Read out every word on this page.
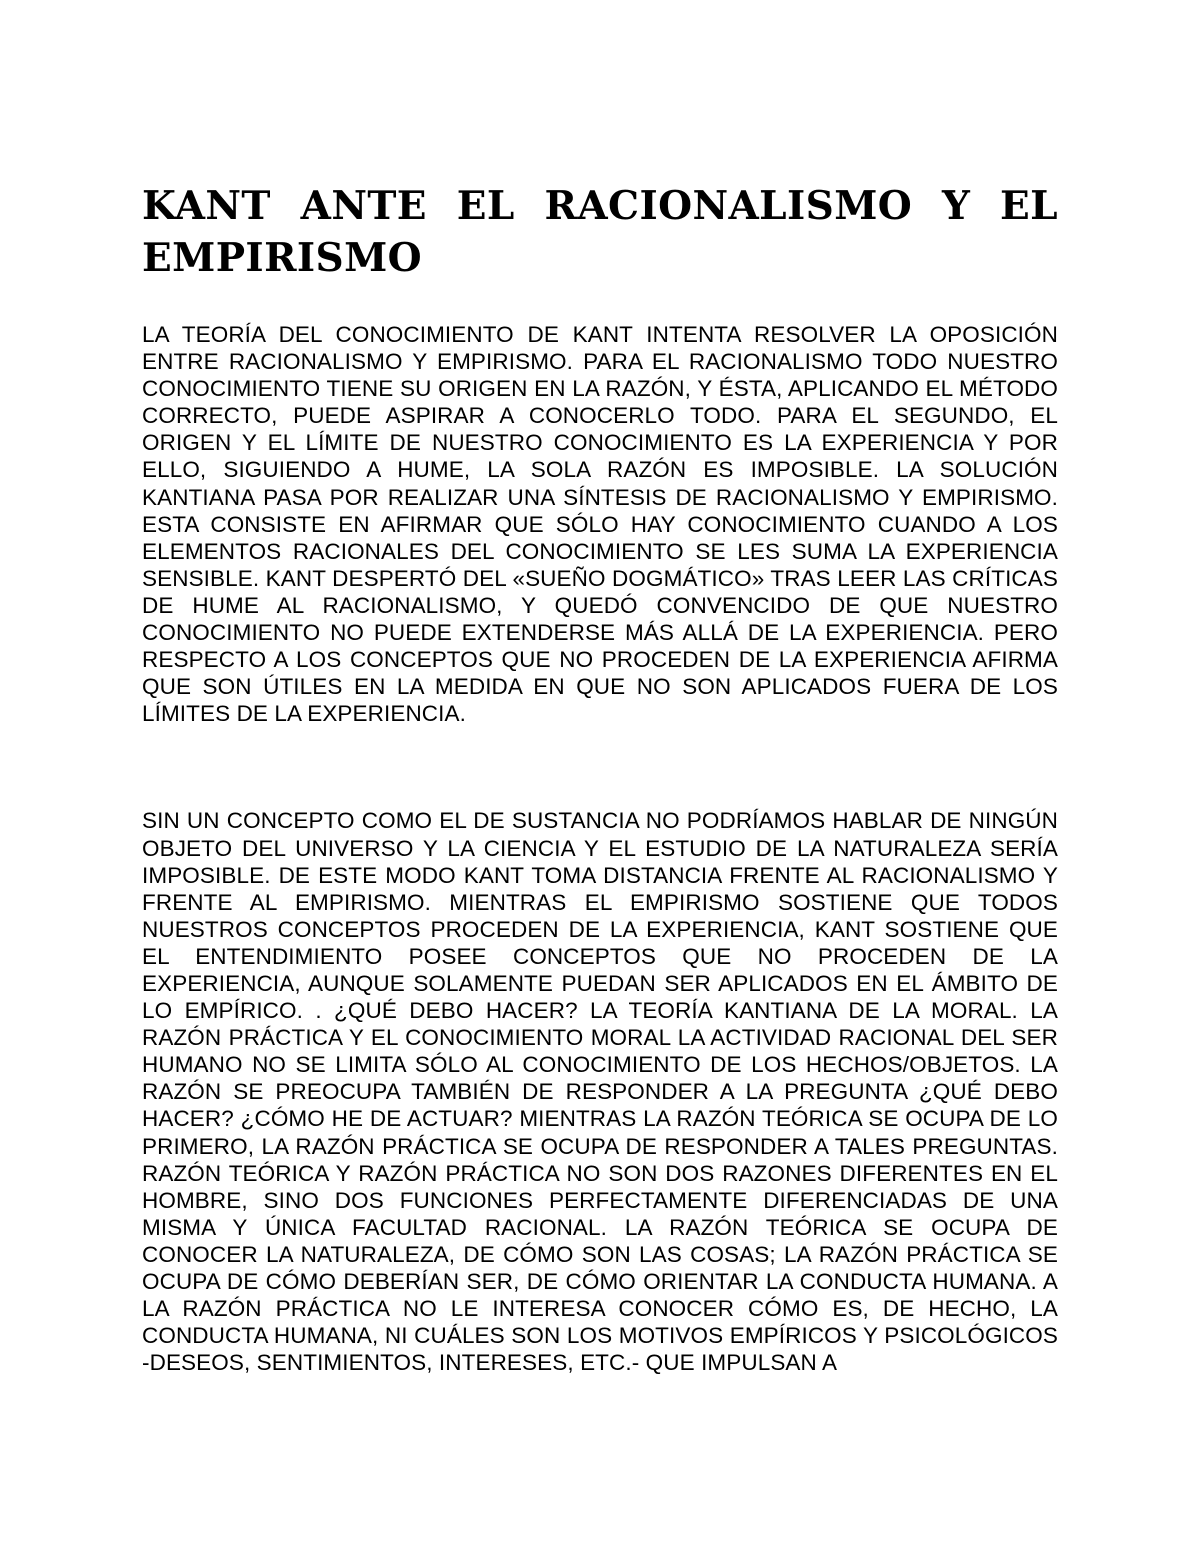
KANT ANTE EL RACIONALISMO Y EL EMPIRISMO

LA TEORÍA DEL CONOCIMIENTO DE KANT INTENTA RESOLVER LA OPOSICIÓN ENTRE RACIONALISMO Y EMPIRISMO. PARA EL RACIONALISMO TODO NUESTRO CONOCIMIENTO TIENE SU ORIGEN EN LA RAZÓN, Y ÉSTA, APLICANDO EL MÉTODO CORRECTO, PUEDE ASPIRAR A CONOCERLO TODO. PARA EL SEGUNDO, EL ORIGEN Y EL LÍMITE DE NUESTRO CONOCIMIENTO ES LA EXPERIENCIA Y POR ELLO, SIGUIENDO A HUME, LA SOLA RAZÓN ES IMPOSIBLE. LA SOLUCIÓN KANTIANA PASA POR REALIZAR UNA SÍNTESIS DE RACIONALISMO Y EMPIRISMO. ESTA CONSISTE EN AFIRMAR QUE SÓLO HAY CONOCIMIENTO CUANDO A LOS ELEMENTOS RACIONALES DEL CONOCIMIENTO SE LES SUMA LA EXPERIENCIA SENSIBLE. KANT DESPERTÓ DEL «SUEÑO DOGMÁTICO» TRAS LEER LAS CRÍTICAS DE HUME AL RACIONALISMO, Y QUEDÓ CONVENCIDO DE QUE NUESTRO CONOCIMIENTO NO PUEDE EXTENDERSE MÁS ALLÁ DE LA EXPERIENCIA. PERO RESPECTO A LOS CONCEPTOS QUE NO PROCEDEN DE LA EXPERIENCIA AFIRMA QUE SON ÚTILES EN LA MEDIDA EN QUE NO SON APLICADOS FUERA DE LOS LÍMITES DE LA EXPERIENCIA.

SIN UN CONCEPTO COMO EL DE SUSTANCIA NO PODRÍAMOS HABLAR DE NINGÚN OBJETO DEL UNIVERSO Y LA CIENCIA Y EL ESTUDIO DE LA NATURALEZA SERÍA IMPOSIBLE. DE ESTE MODO KANT TOMA DISTANCIA FRENTE AL RACIONALISMO Y FRENTE AL EMPIRISMO. MIENTRAS EL EMPIRISMO SOSTIENE QUE TODOS NUESTROS CONCEPTOS PROCEDEN DE LA EXPERIENCIA, KANT SOSTIENE QUE EL ENTENDIMIENTO POSEE CONCEPTOS QUE NO PROCEDEN DE LA EXPERIENCIA, AUNQUE SOLAMENTE PUEDAN SER APLICADOS EN EL ÁMBITO DE LO EMPÍRICO. . ¿QUÉ DEBO HACER? LA TEORÍA KANTIANA DE LA MORAL. LA RAZÓN PRÁCTICA Y EL CONOCIMIENTO MORAL LA ACTIVIDAD RACIONAL DEL SER HUMANO NO SE LIMITA SÓLO AL CONOCIMIENTO DE LOS HECHOS/OBJETOS. LA RAZÓN SE PREOCUPA TAMBIÉN DE RESPONDER A LA PREGUNTA ¿QUÉ DEBO HACER? ¿CÓMO HE DE ACTUAR? MIENTRAS LA RAZÓN TEÓRICA SE OCUPA DE LO PRIMERO, LA RAZÓN PRÁCTICA SE OCUPA DE RESPONDER A TALES PREGUNTAS. RAZÓN TEÓRICA Y RAZÓN PRÁCTICA NO SON DOS RAZONES DIFERENTES EN EL HOMBRE, SINO DOS FUNCIONES PERFECTAMENTE DIFERENCIADAS DE UNA MISMA Y ÚNICA FACULTAD RACIONAL. LA RAZÓN TEÓRICA SE OCUPA DE CONOCER LA NATURALEZA, DE CÓMO SON LAS COSAS; LA RAZÓN PRÁCTICA SE OCUPA DE CÓMO DEBERÍAN SER, DE CÓMO ORIENTAR LA CONDUCTA HUMANA. A LA RAZÓN PRÁCTICA NO LE INTERESA CONOCER CÓMO ES, DE HECHO, LA CONDUCTA HUMANA, NI CUÁLES SON LOS MOTIVOS EMPÍRICOS Y PSICOLÓGICOS -DESEOS, SENTIMIENTOS, INTERESES, ETC.- QUE IMPULSAN A
